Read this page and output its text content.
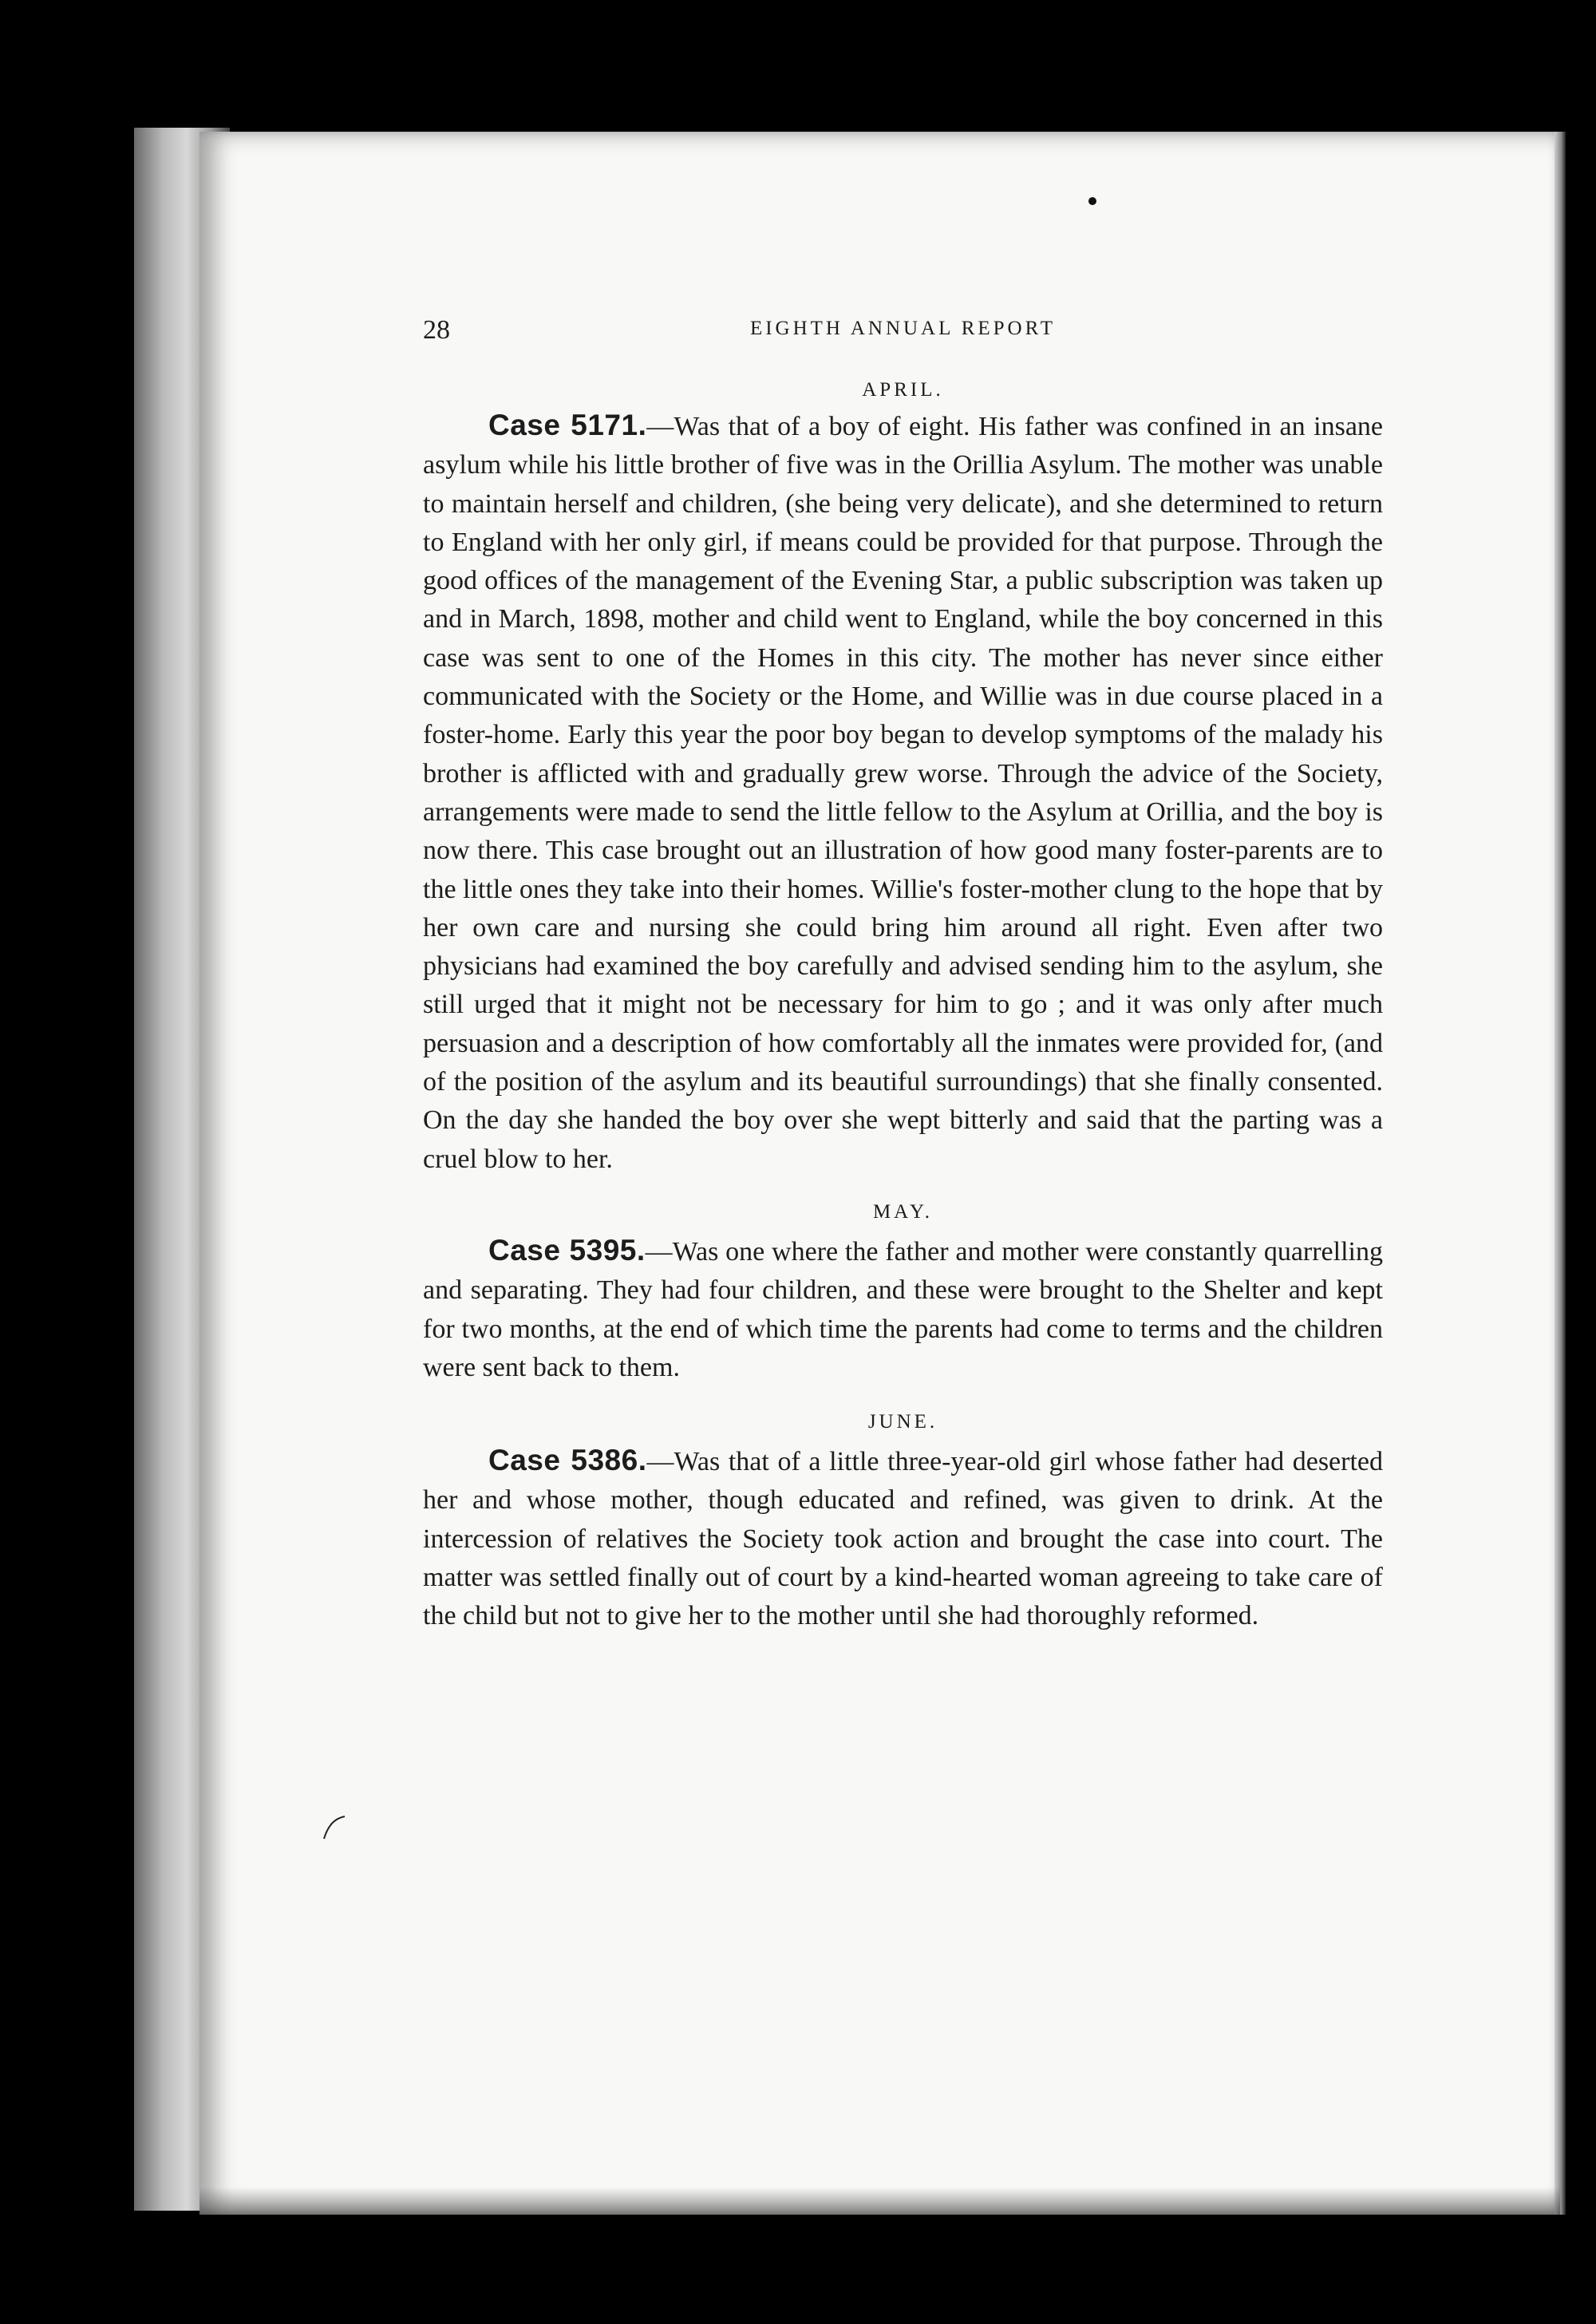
28	EIGHTH ANNUAL REPORT

APRIL.

Case 5171.—Was that of a boy of eight. His father was confined in an insane asylum while his little brother of five was in the Orillia Asylum. The mother was unable to maintain herself and children, (she being very delicate), and she determined to return to England with her only girl, if means could be provided for that purpose. Through the good offices of the management of the Evening Star, a public subscription was taken up and in March, 1898, mother and child went to England, while the boy concerned in this case was sent to one of the Homes in this city. The mother has never since either communicated with the Society or the Home, and Willie was in due course placed in a foster-home. Early this year the poor boy began to develop symptoms of the malady his brother is afflicted with and gradually grew worse. Through the advice of the Society, arrangements were made to send the little fellow to the Asylum at Orillia, and the boy is now there. This case brought out an illustration of how good many foster-parents are to the little ones they take into their homes. Willie's foster-mother clung to the hope that by her own care and nursing she could bring him around all right. Even after two physicians had examined the boy carefully and advised sending him to the asylum, she still urged that it might not be necessary for him to go ; and it was only after much persuasion and a description of how comfortably all the inmates were provided for, (and of the position of the asylum and its beautiful surroundings) that she finally consented. On the day she handed the boy over she wept bitterly and said that the parting was a cruel blow to her.

MAY.

Case 5395.—Was one where the father and mother were constantly quarrelling and separating. They had four children, and these were brought to the Shelter and kept for two months, at the end of which time the parents had come to terms and the children were sent back to them.

JUNE.

Case 5386.—Was that of a little three-year-old girl whose father had deserted her and whose mother, though educated and refined, was given to drink. At the intercession of relatives the Society took action and brought the case into court. The matter was settled finally out of court by a kind-hearted woman agreeing to take care of the child but not to give her to the mother until she had thoroughly reformed.
